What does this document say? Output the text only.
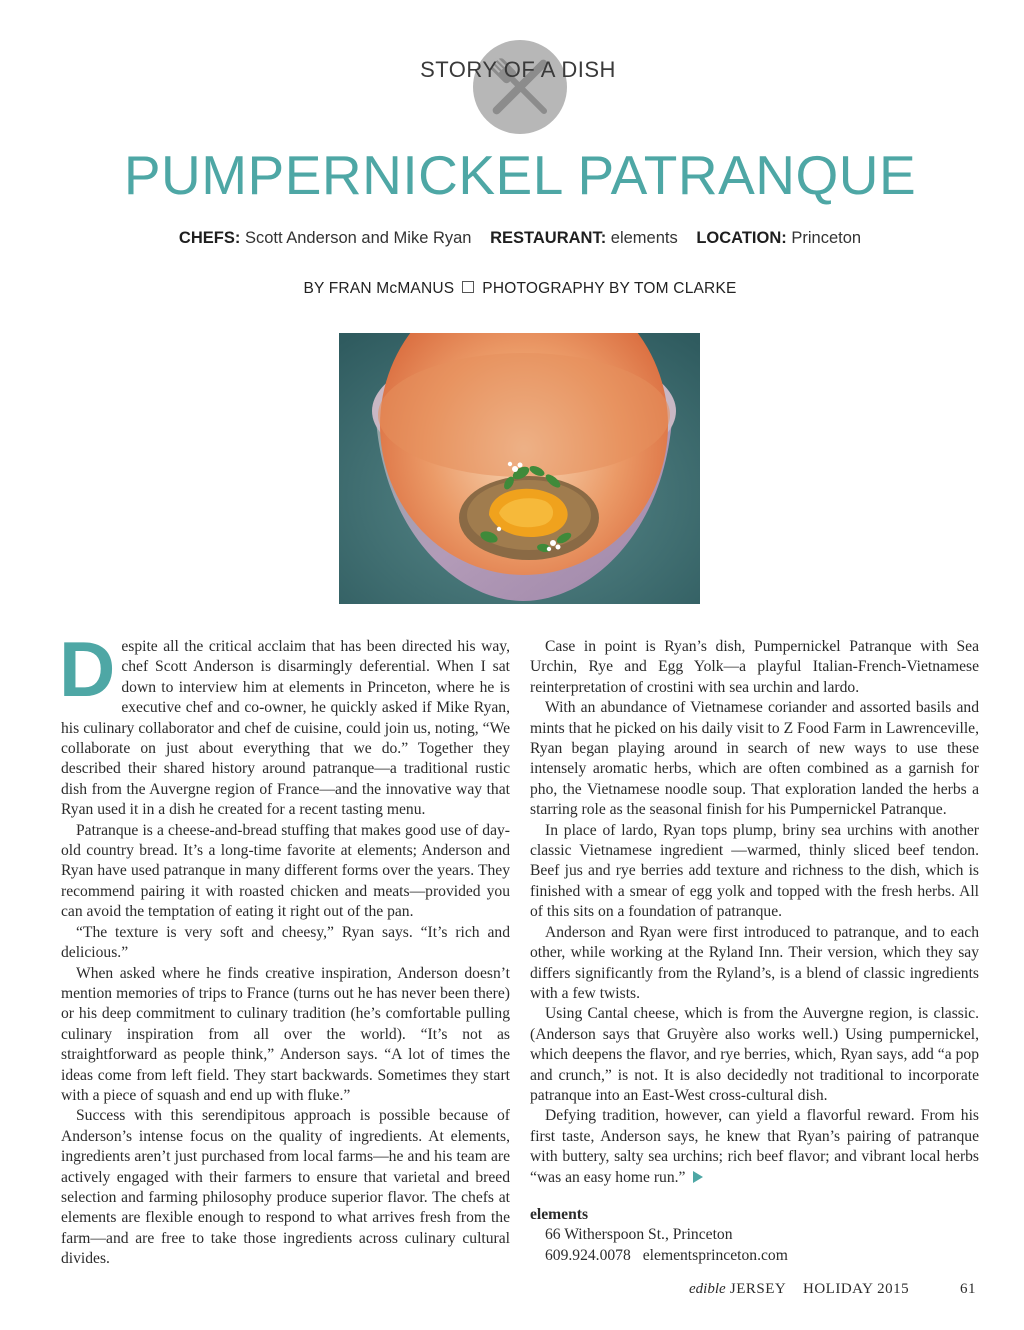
STORY OF A DISH
PUMPERNICKEL PATRANQUE
CHEFS: Scott Anderson and Mike Ryan RESTAURANT: elements LOCATION: Princeton
BY FRAN McMANUS PHOTOGRAPHY BY TOM CLARKE

Despite all the critical acclaim that has been directed his way, chef Scott Anderson is disarmingly deferential. When I sat down to interview him at elements in Princeton, where he is executive chef and co-owner, he quickly asked if Mike Ryan, his culinary collaborator and chef de cuisine, could join us, noting, “We collaborate on just about everything that we do.” Together they described their shared history around patranque—a traditional rustic dish from the Auvergne region of France—and the innovative way that Ryan used it in a dish he created for a recent tasting menu.

Patranque is a cheese-and-bread stuffing that makes good use of day-old country bread. It’s a long-time favorite at elements; Anderson and Ryan have used patranque in many different forms over the years. They recommend pairing it with roasted chicken and meats—provided you can avoid the temptation of eating it right out of the pan.

“The texture is very soft and cheesy,” Ryan says. “It’s rich and delicious.”

When asked where he finds creative inspiration, Anderson doesn’t mention memories of trips to France (turns out he has never been there) or his deep commitment to culinary tradition (he’s comfortable pulling culinary inspiration from all over the world). “It’s not as straightforward as people think,” Anderson says. “A lot of times the ideas come from left field. They start backwards. Sometimes they start with a piece of squash and end up with fluke.”

Success with this serendipitous approach is possible because of Anderson’s intense focus on the quality of ingredients. At elements, ingredients aren’t just purchased from local farms—he and his team are actively engaged with their farmers to ensure that varietal and breed selection and farming philosophy produce superior flavor. The chefs at elements are flexible enough to respond to what arrives fresh from the farm—and are free to take those ingredients across culinary cultural divides.

Case in point is Ryan’s dish, Pumpernickel Patranque with Sea Urchin, Rye and Egg Yolk—a playful Italian-French-Vietnamese reinterpretation of crostini with sea urchin and lardo.

With an abundance of Vietnamese coriander and assorted basils and mints that he picked on his daily visit to Z Food Farm in Lawrenceville, Ryan began playing around in search of new ways to use these intensely aromatic herbs, which are often combined as a garnish for pho, the Vietnamese noodle soup. That exploration landed the herbs a starring role as the seasonal finish for his Pumpernickel Patranque.

In place of lardo, Ryan tops plump, briny sea urchins with another classic Vietnamese ingredient —warmed, thinly sliced beef tendon. Beef jus and rye berries add texture and richness to the dish, which is finished with a smear of egg yolk and topped with the fresh herbs. All of this sits on a foundation of patranque.

Anderson and Ryan were first introduced to patranque, and to each other, while working at the Ryland Inn. Their version, which they say differs significantly from the Ryland’s, is a blend of classic ingredients with a few twists.

Using Cantal cheese, which is from the Auvergne region, is classic. (Anderson says that Gruyère also works well.) Using pumpernickel, which deepens the flavor, and rye berries, which, Ryan says, add “a pop and crunch,” is not. It is also decidedly not traditional to incorporate patranque into an East-West cross-cultural dish.

Defying tradition, however, can yield a flavorful reward. From his first taste, Anderson says, he knew that Ryan’s pairing of patranque with buttery, salty sea urchins; rich beef flavor; and vibrant local herbs “was an easy home run.”

elements
66 Witherspoon St., Princeton
609.924.0078 elementsprinceton.com
edible JERSEY HOLIDAY 2015	61
